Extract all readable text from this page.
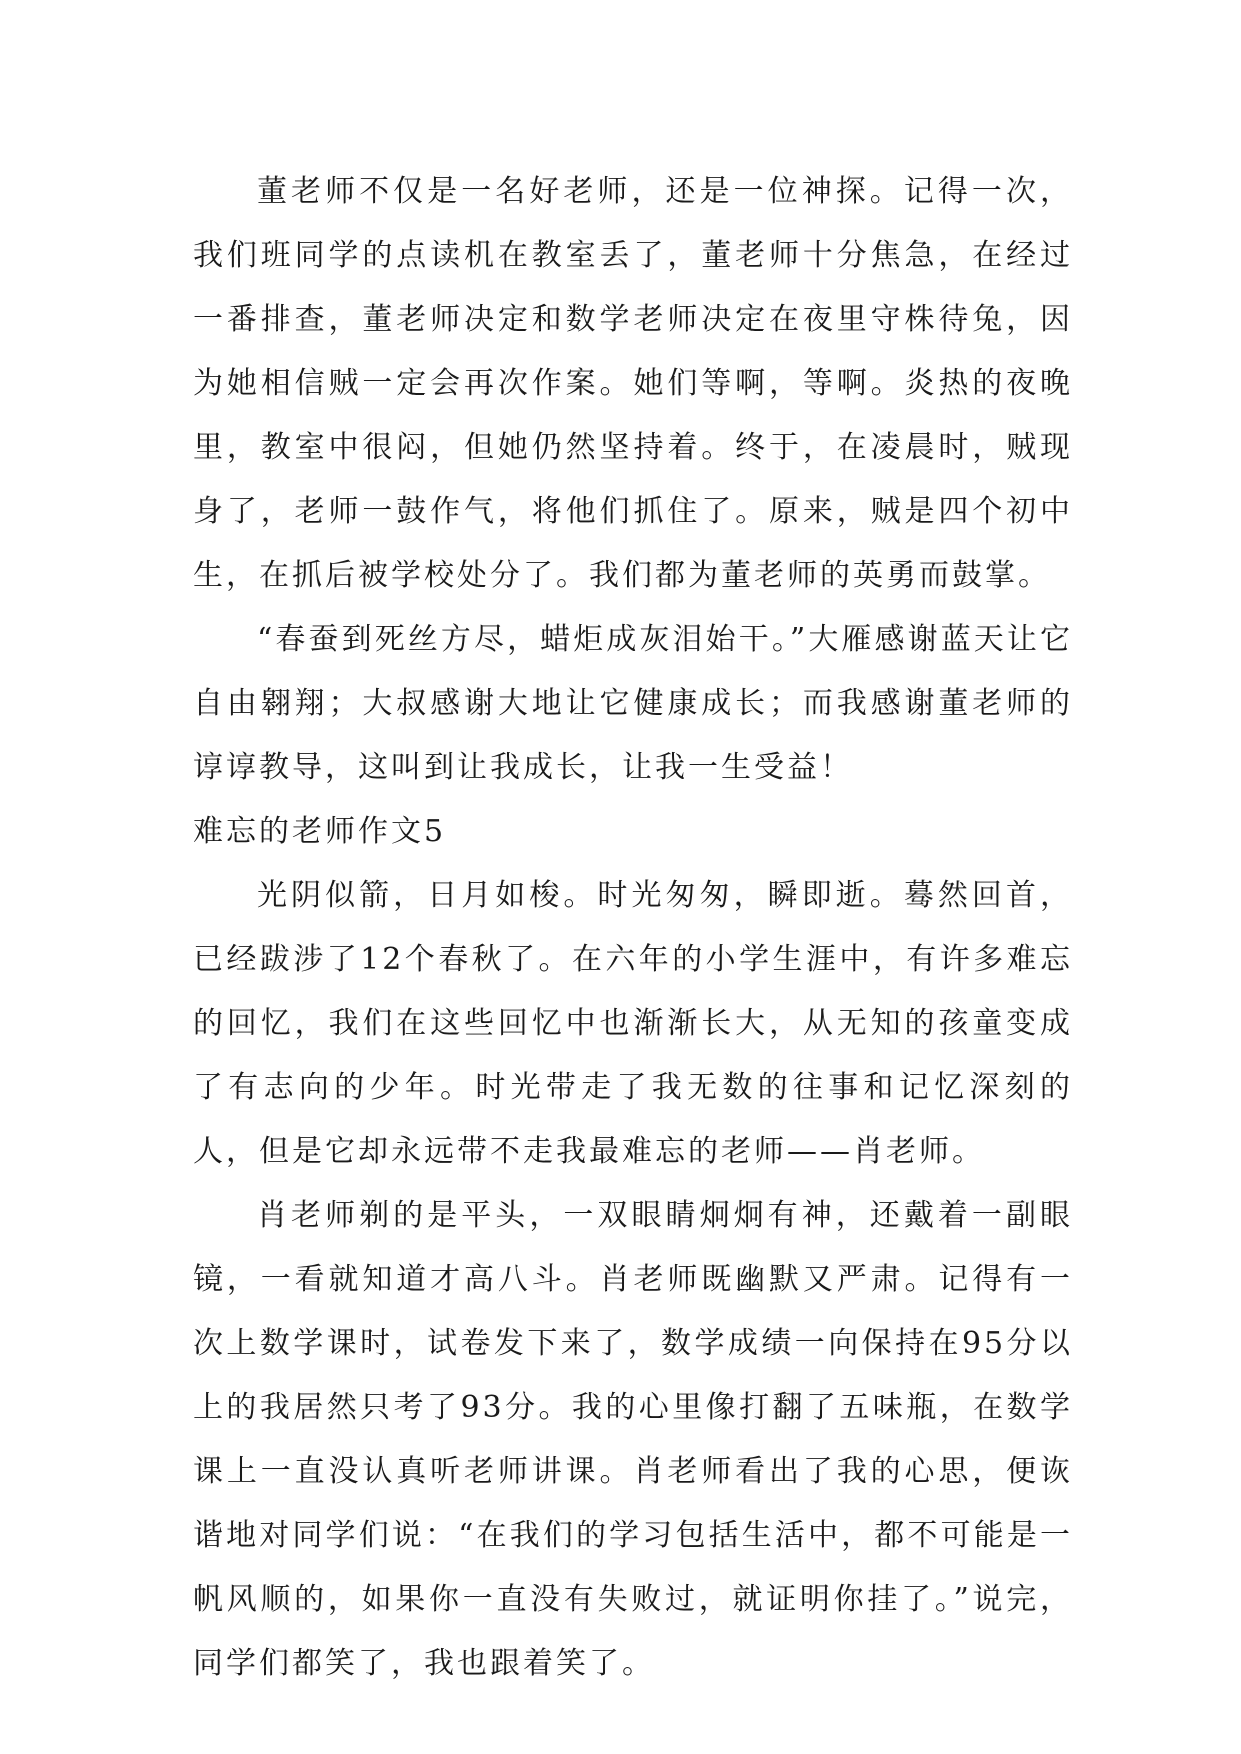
董老师不仅是一名好老师，还是一位神探。记得一次，我们班同学的点读机在教室丢了，董老师十分焦急，在经过一番排查，董老师决定和数学老师决定在夜里守株待兔，因为她相信贼一定会再次作案。她们等啊，等啊。炎热的夜晚里，教室中很闷，但她仍然坚持着。终于，在凌晨时，贼现身了，老师一鼓作气，将他们抓住了。原来，贼是四个初中生，在抓后被学校处分了。我们都为董老师的英勇而鼓掌。

“春蚕到死丝方尽，蜡炬成灰泪始干。”大雁感谢蓝天让它自由翱翔；大叔感谢大地让它健康成长；而我感谢董老师的谆谆教导，这叫到让我成长，让我一生受益！

难忘的老师作文5

光阴似箭，日月如梭。时光匆匆，瞬即逝。蓦然回首，已经跋涉了12个春秋了。在六年的小学生涯中，有许多难忘的回忆，我们在这些回忆中也渐渐长大，从无知的孩童变成了有志向的少年。时光带走了我无数的往事和记忆深刻的人，但是它却永远带不走我最难忘的老师——肖老师。

肖老师剃的是平头，一双眼睛炯炯有神，还戴着一副眼镜，一看就知道才高八斗。肖老师既幽默又严肃。记得有一次上数学课时，试卷发下来了，数学成绩一向保持在95分以上的我居然只考了93分。我的心里像打翻了五味瓶，在数学课上一直没认真听老师讲课。肖老师看出了我的心思，便诙谐地对同学们说：“在我们的学习包括生活中，都不可能是一帆风顺的，如果你一直没有失败过，就证明你挂了。”说完，同学们都笑了，我也跟着笑了。
